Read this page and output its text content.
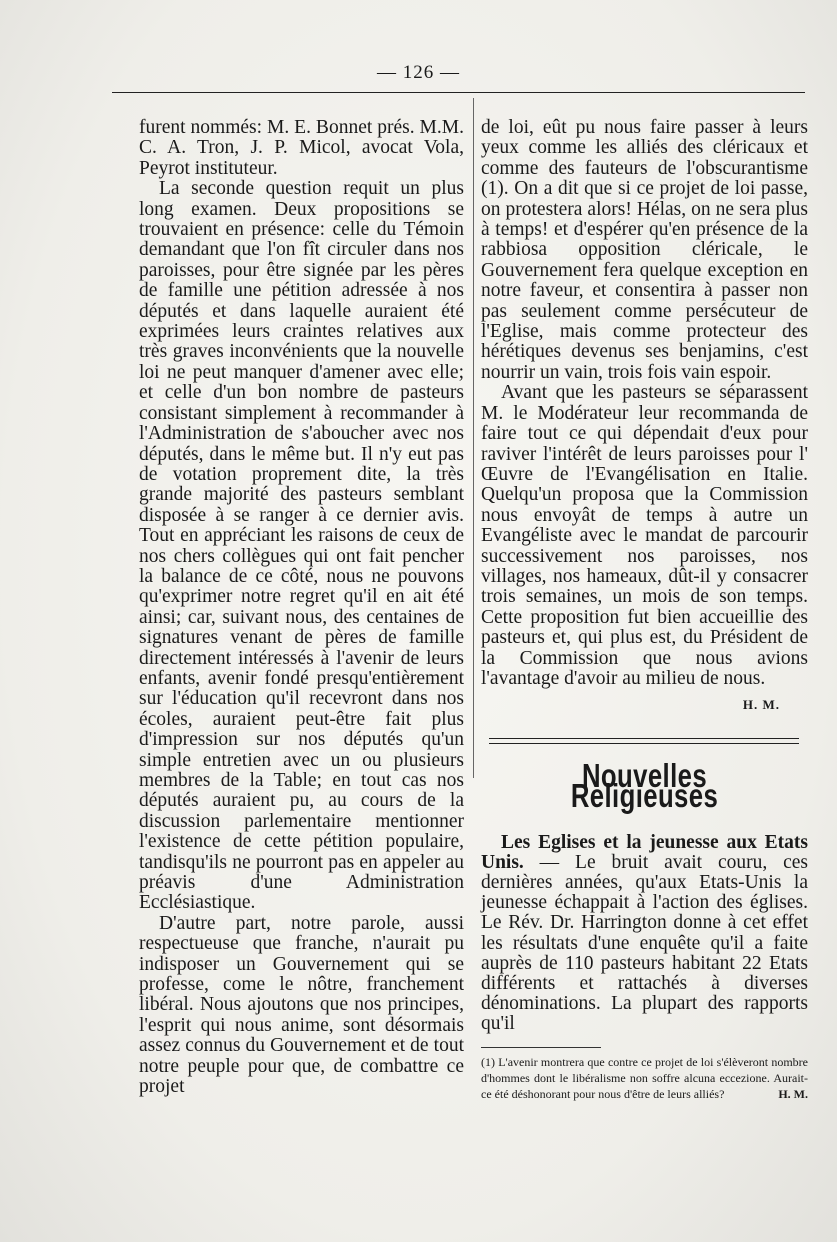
— 126 —

furent nommés: M. E. Bonnet prés. M.M. C. A. Tron, J. P. Micol, avocat Vola, Peyrot instituteur.

La seconde question requit un plus long examen. Deux propositions se trouvaient en présence: celle du Témoin demandant que l'on fît circuler dans nos paroisses, pour être signée par les pères de famille une pétition adressée à nos députés et dans laquelle auraient été exprimées leurs craintes relatives aux très graves inconvénients que la nouvelle loi ne peut manquer d'amener avec elle; et celle d'un bon nombre de pasteurs consistant simplement à recommander à l'Administration de s'aboucher avec nos députés, dans le même but. Il n'y eut pas de votation proprement dite, la très grande majorité des pasteurs semblant disposée à se ranger à ce dernier avis. Tout en appréciant les raisons de ceux de nos chers collègues qui ont fait pencher la balance de ce côté, nous ne pouvons qu'exprimer notre regret qu'il en ait été ainsi; car, suivant nous, des centaines de signatures venant de pères de famille directement intéressés à l'avenir de leurs enfants, avenir fondé presqu'entièrement sur l'éducation qu'il recevront dans nos écoles, auraient peut-être fait plus d'impression sur nos députés qu'un simple entretien avec un ou plusieurs membres de la Table; en tout cas nos députés auraient pu, au cours de la discussion parlementaire mentionner l'existence de cette pétition populaire, tandisqu'ils ne pourront pas en appeler au préavis d'une Administration Ecclésiastique.

D'autre part, notre parole, aussi respectueuse que franche, n'aurait pu indisposer un Gouvernement qui se professe, come le nôtre, franchement libéral. Nous ajoutons que nos principes, l'esprit qui nous anime, sont désormais assez connus du Gouvernement et de tout notre peuple pour que, de combattre ce projet

de loi, eût pu nous faire passer à leurs yeux comme les alliés des cléricaux et comme des fauteurs de l'obscurantisme (1). On a dit que si ce projet de loi passe, on protestera alors! Hélas, on ne sera plus à temps! et d'espérer qu'en présence de la rabbiosa opposition cléricale, le Gouvernement fera quelque exception en notre faveur, et consentira à passer non pas seulement comme persécuteur de l'Eglise, mais comme protecteur des hérétiques devenus ses benjamins, c'est nourrir un vain, trois fois vain espoir.

Avant que les pasteurs se séparassent M. le Modérateur leur recommanda de faire tout ce qui dépendait d'eux pour raviver l'intérêt de leurs paroisses pour l' Œuvre de l'Evangélisation en Italie. Quelqu'un proposa que la Commission nous envoyât de temps à autre un Evangéliste avec le mandat de parcourir successivement nos paroisses, nos villages, nos hameaux, dût-il y consacrer trois semaines, un mois de son temps. Cette proposition fut bien accueillie des pasteurs et, qui plus est, du Président de la Commission que nous avions l'avantage d'avoir au milieu de nous.

H. M.
Nouvelles Religieuses

Les Eglises et la jeunesse aux Etats Unis. — Le bruit avait couru, ces dernières années, qu'aux Etats-Unis la jeunesse échappait à l'action des églises. Le Rév. Dr. Harrington donne à cet effet les résultats d'une enquête qu'il a faite auprès de 110 pasteurs habitant 22 Etats différents et rattachés à diverses dénominations. La plupart des rapports qu'il

(1) L'avenir montrera que contre ce projet de loi s'élèveront nombre d'hommes dont le libéralisme non soffre alcuna eccezione. Aurait-ce été déshonorant pour nous d'être de leurs alliés?	H. M.
